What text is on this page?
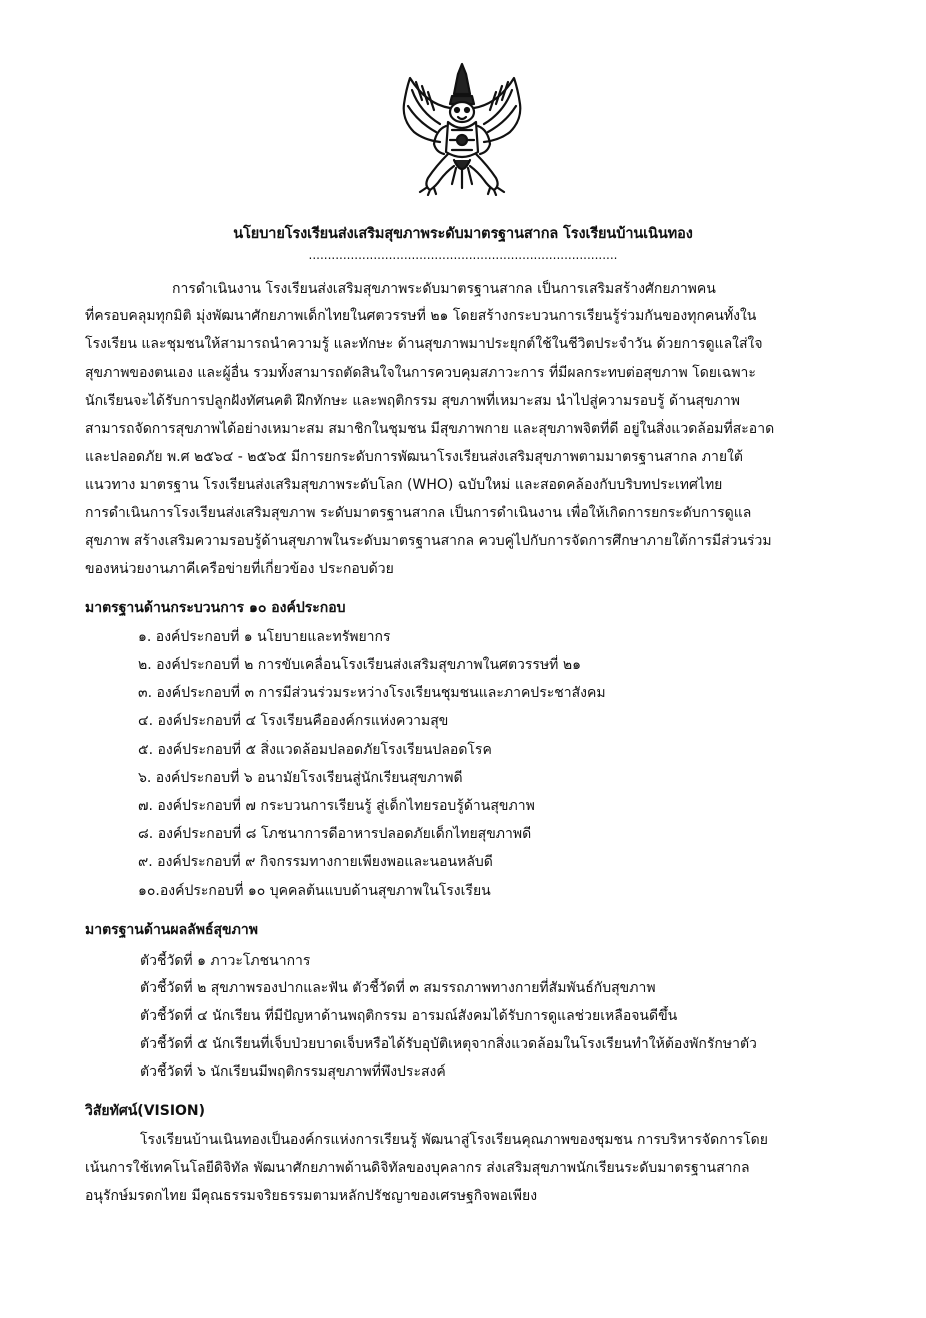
นโยบายโรงเรียนส่งเสริมสุขภาพระดับมาตรฐานสากล โรงเรียนบ้านเนินทอง
.................................................................................
การดำเนินงาน โรงเรียนส่งเสริมสุขภาพระดับมาตรฐานสากล เป็นการเสริมสร้างศักยภาพคน
ที่ครอบคลุมทุกมิติ มุ่งพัฒนาศักยภาพเด็กไทยในศตวรรษที่ ๒๑ โดยสร้างกระบวนการเรียนรู้ร่วมกันของทุกคนทั้งใน
โรงเรียน และชุมชนให้สามารถนำความรู้ และทักษะ ด้านสุขภาพมาประยุกต์ใช้ในชีวิตประจำวัน ด้วยการดูแลใส่ใจ
สุขภาพของตนเอง และผู้อื่น รวมทั้งสามารถตัดสินใจในการควบคุมสภาวะการ ที่มีผลกระทบต่อสุขภาพ โดยเฉพาะ
นักเรียนจะได้รับการปลูกฝังทัศนคติ ฝึกทักษะ และพฤติกรรม สุขภาพที่เหมาะสม นำไปสู่ความรอบรู้ ด้านสุขภาพ
สามารถจัดการสุขภาพได้อย่างเหมาะสม สมาชิกในชุมชน มีสุขภาพกาย และสุขภาพจิตที่ดี อยู่ในสิ่งแวดล้อมที่สะอาด
และปลอดภัย พ.ศ ๒๕๖๔ - ๒๕๖๕ มีการยกระดับการพัฒนาโรงเรียนส่งเสริมสุขภาพตามมาตรฐานสากล ภายใต้
แนวทาง มาตรฐาน โรงเรียนส่งเสริมสุขภาพระดับโลก (WHO) ฉบับใหม่ และสอดคล้องกับบริบทประเทศไทย
การดำเนินการโรงเรียนส่งเสริมสุขภาพ ระดับมาตรฐานสากล เป็นการดำเนินงาน เพื่อให้เกิดการยกระดับการดูแล
สุขภาพ สร้างเสริมความรอบรู้ด้านสุขภาพในระดับมาตรฐานสากล ควบคู่ไปกับการจัดการศึกษาภายใต้การมีส่วนร่วม
ของหน่วยงานภาคีเครือข่ายที่เกี่ยวข้อง ประกอบด้วย
มาตรฐานด้านกระบวนการ ๑๐ องค์ประกอบ
๑. องค์ประกอบที่ ๑ นโยบายและทรัพยากร
๒. องค์ประกอบที่ ๒ การขับเคลื่อนโรงเรียนส่งเสริมสุขภาพในศตวรรษที่ ๒๑
๓. องค์ประกอบที่ ๓ การมีส่วนร่วมระหว่างโรงเรียนชุมชนและภาคประชาสังคม
๔. องค์ประกอบที่ ๔ โรงเรียนคือองค์กรแห่งความสุข
๕. องค์ประกอบที่ ๕ สิ่งแวดล้อมปลอดภัยโรงเรียนปลอดโรค
๖. องค์ประกอบที่ ๖ อนามัยโรงเรียนสู่นักเรียนสุขภาพดี
๗. องค์ประกอบที่ ๗ กระบวนการเรียนรู้ สู่เด็กไทยรอบรู้ด้านสุขภาพ
๘. องค์ประกอบที่ ๘ โภชนาการดีอาหารปลอดภัยเด็กไทยสุขภาพดี
๙. องค์ประกอบที่ ๙ กิจกรรมทางกายเพียงพอและนอนหลับดี
๑๐.องค์ประกอบที่ ๑๐ บุคคลต้นแบบด้านสุขภาพในโรงเรียน
มาตรฐานด้านผลลัพธ์สุขภาพ
ตัวชี้วัดที่ ๑ ภาวะโภชนาการ
ตัวชี้วัดที่ ๒ สุขภาพรองปากและฟัน ตัวชี้วัดที่ ๓ สมรรถภาพทางกายที่สัมพันธ์กับสุขภาพ
ตัวชี้วัดที่ ๔ นักเรียน ที่มีปัญหาด้านพฤติกรรม อารมณ์สังคมได้รับการดูแลช่วยเหลือจนดีขึ้น
ตัวชี้วัดที่ ๕ นักเรียนที่เจ็บป่วยบาดเจ็บหรือได้รับอุบัติเหตุจากสิ่งแวดล้อมในโรงเรียนทำให้ต้องพักรักษาตัว
ตัวชี้วัดที่ ๖ นักเรียนมีพฤติกรรมสุขภาพที่พึงประสงค์
วิสัยทัศน์(VISION)
โรงเรียนบ้านเนินทองเป็นองค์กรแห่งการเรียนรู้ พัฒนาสู่โรงเรียนคุณภาพของชุมชน การบริหารจัดการโดย
เน้นการใช้เทคโนโลยีดิจิทัล พัฒนาศักยภาพด้านดิจิทัลของบุคลากร ส่งเสริมสุขภาพนักเรียนระดับมาตรฐานสากล
อนุรักษ์มรดกไทย มีคุณธรรมจริยธรรมตามหลักปรัชญาของเศรษฐกิจพอเพียง
